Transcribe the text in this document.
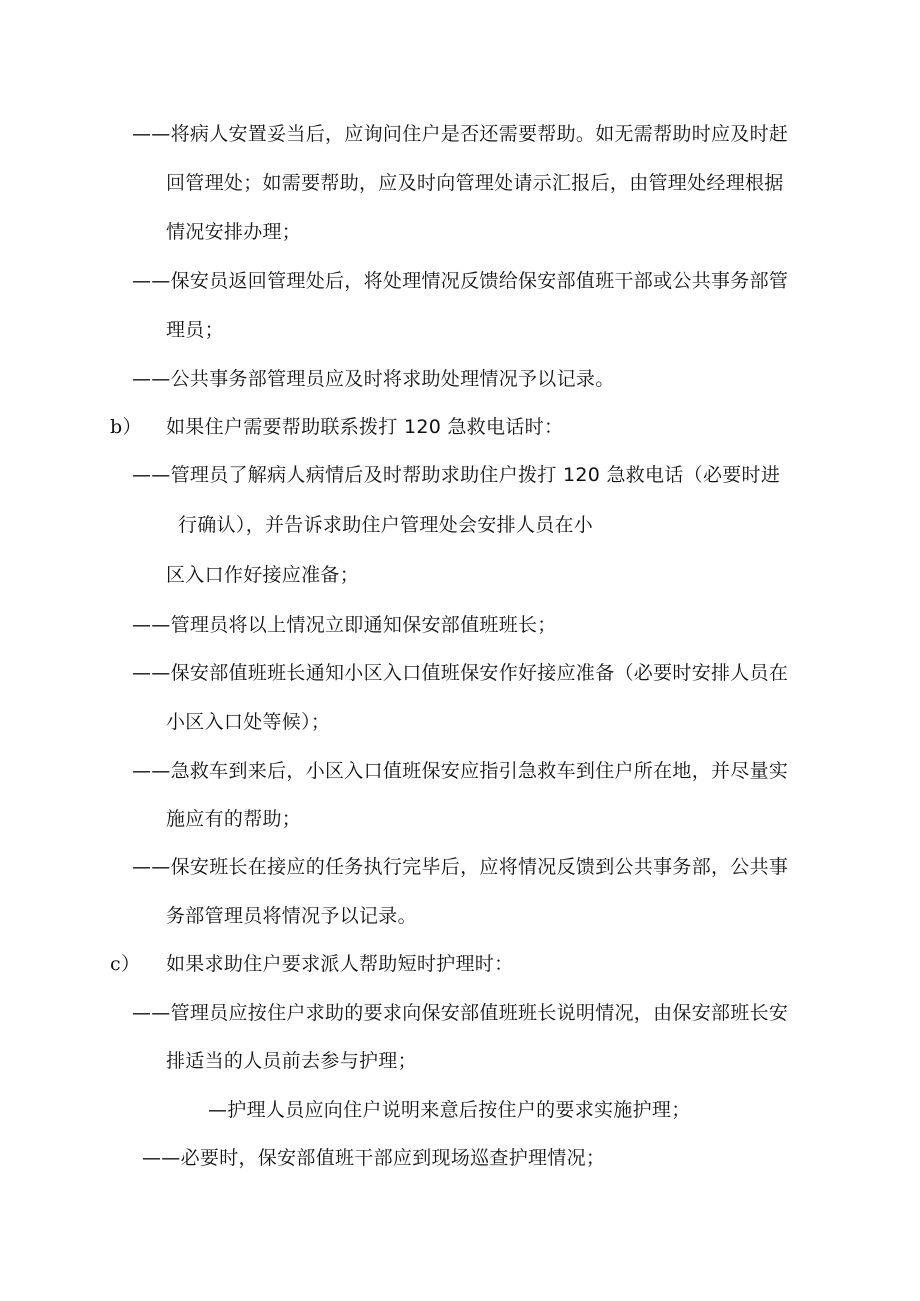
——将病人安置妥当后，应询问住户是否还需要帮助。如无需帮助时应及时赶
回管理处；如需要帮助，应及时向管理处请示汇报后，由管理处经理根据
情况安排办理；
——保安员返回管理处后，将处理情况反馈给保安部值班干部或公共事务部管
理员；
——公共事务部管理员应及时将求助处理情况予以记录。
b） 如果住户需要帮助联系拨打 120 急救电话时：
——管理员了解病人病情后及时帮助求助住户拨打 120 急救电话（必要时进
行确认），并告诉求助住户管理处会安排人员在小
区入口作好接应准备；
——管理员将以上情况立即通知保安部值班班长；
——保安部值班班长通知小区入口值班保安作好接应准备（必要时安排人员在
小区入口处等候）；
——急救车到来后，小区入口值班保安应指引急救车到住户所在地，并尽量实
施应有的帮助；
——保安班长在接应的任务执行完毕后，应将情况反馈到公共事务部，公共事
务部管理员将情况予以记录。
c） 如果求助住户要求派人帮助短时护理时：
——管理员应按住户求助的要求向保安部值班班长说明情况，由保安部班长安
排适当的人员前去参与护理；
—护理人员应向住户说明来意后按住户的要求实施护理；
——必要时，保安部值班干部应到现场巡查护理情况；
